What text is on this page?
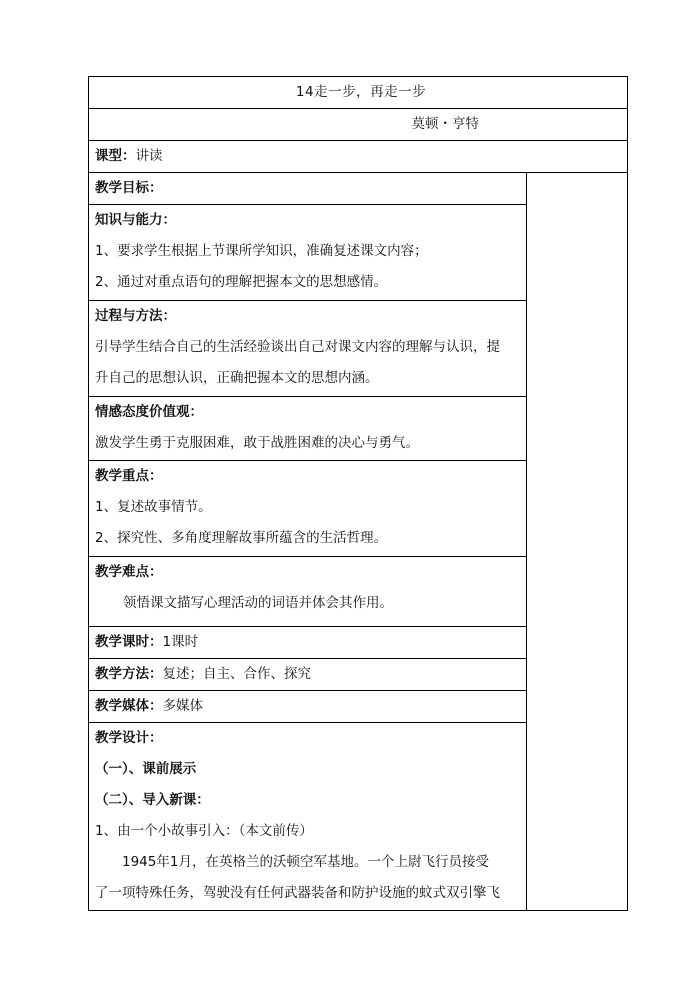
14走一步，再走一步
莫顿・亨特
课型：讲读
教学目标：	

知识与能力：
1、要求学生根据上节课所学知识，准确复述课文内容；
2、通过对重点语句的理解把握本文的思想感情。

过程与方法：
引导学生结合自己的生活经验谈出自己对课文内容的理解与认识，提
升自己的思想认识，正确把握本文的思想内涵。

情感态度价值观：
激发学生勇于克服困难，敢于战胜困难的决心与勇气。

教学重点：
1、复述故事情节。
2、探究性、多角度理解故事所蕴含的生活哲理。

教学难点：
领悟课文描写心理活动的词语并体会其作用。

教学课时：1课时
教学方法：复述；自主、合作、探究
教学媒体：多媒体

教学设计：
（一）、课前展示
（二）、导入新课：
1、由一个小故事引入：（本文前传）
1945年1月，在英格兰的沃顿空军基地。一个上尉飞行员接受
了一项特殊任务，驾驶没有任何武器装备和防护设施的蚊式双引擎飞
